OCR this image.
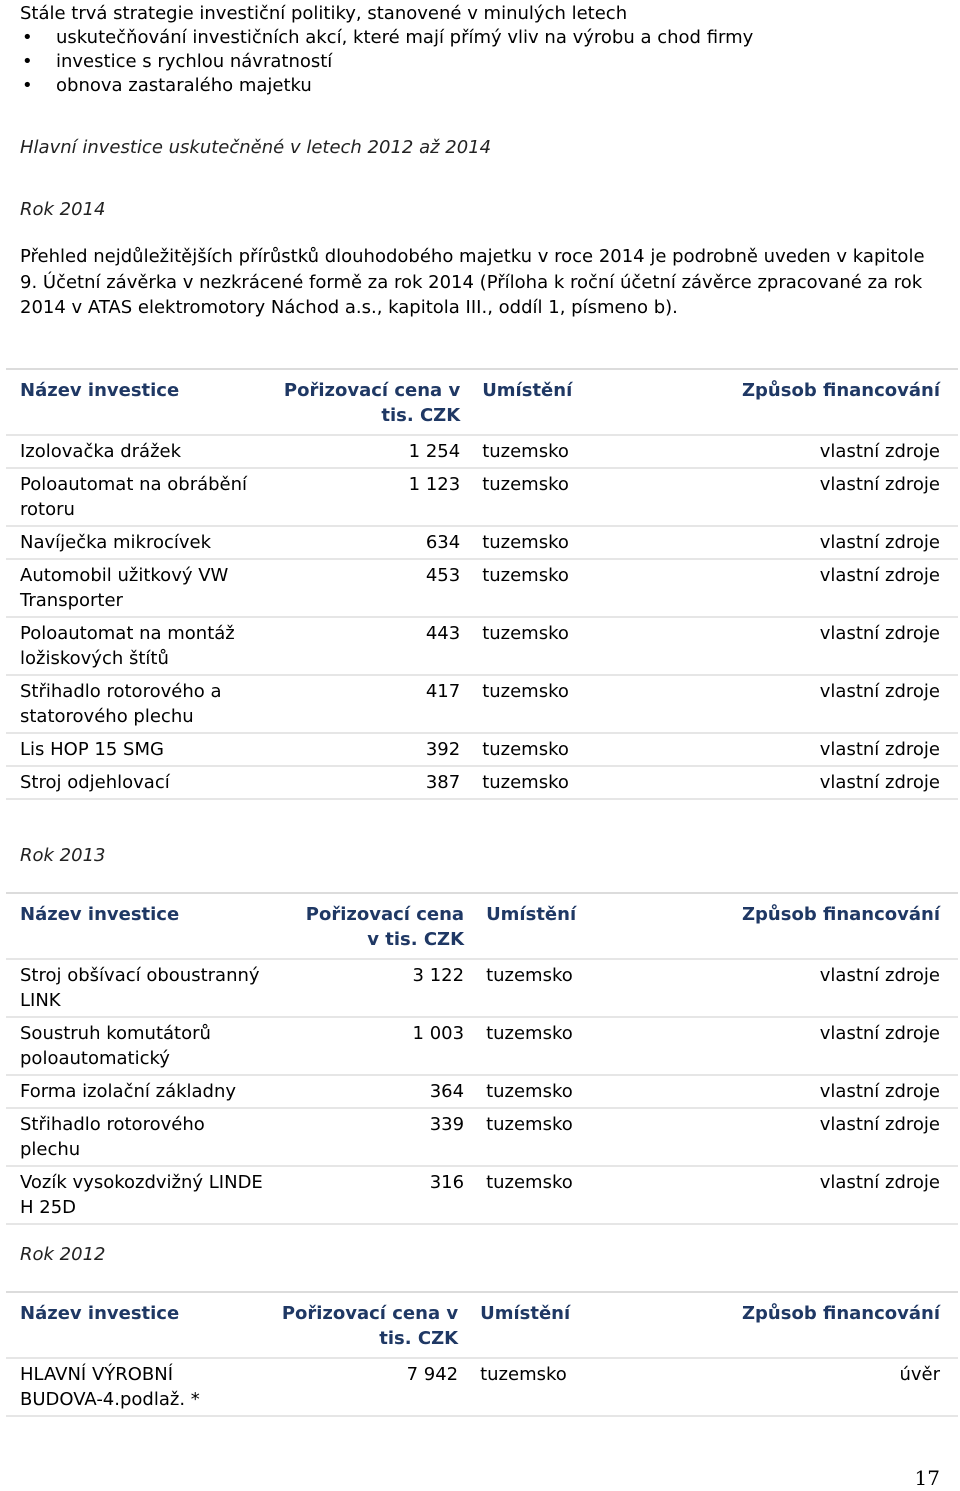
Stále trvá strategie investiční politiky, stanovené v minulých letech

• uskutečňování investičních akcí, které mají přímý vliv na výrobu a chod firmy
• investice s rychlou návratností
• obnova zastaralého majetku

Hlavní investice uskutečněné v letech 2012 až 2014

Rok 2014

Přehled nejdůležitějších přírůstků dlouhodobého majetku v roce 2014 je podrobně uveden v kapitole 9. Účetní závěrka v nezkrácené formě za rok 2014 (Příloha k roční účetní závěrce zpracované za rok 2014 v ATAS elektromotory Náchod a.s., kapitola III., oddíl 1, písmeno b).

Název investice	Pořizovací cena v tis. CZK	Umístění	Způsob financování
Izolovačka drážek	1 254	tuzemsko	vlastní zdroje
Poloautomat na obrábění rotoru	1 123	tuzemsko	vlastní zdroje
Navíječka mikrocívek	634	tuzemsko	vlastní zdroje
Automobil užitkový VW Transporter	453	tuzemsko	vlastní zdroje
Poloautomat na montáž ložiskových štítů	443	tuzemsko	vlastní zdroje
Střihadlo rotorového a statorového plechu	417	tuzemsko	vlastní zdroje
Lis HOP 15 SMG	392	tuzemsko	vlastní zdroje
Stroj odjehlovací	387	tuzemsko	vlastní zdroje
Rok 2013
Název investice	Pořizovací cena v tis. CZK	Umístění	Způsob financování
Stroj obšívací oboustranný LINK	3 122	tuzemsko	vlastní zdroje
Soustruh komutátorů poloautomatický	1 003	tuzemsko	vlastní zdroje
Forma izolační základny	364	tuzemsko	vlastní zdroje
Střihadlo rotorového plechu	339	tuzemsko	vlastní zdroje
Vozík vysokozdvižný LINDE H 25D	316	tuzemsko	vlastní zdroje
Rok 2012
Název investice	Pořizovací cena v tis. CZK	Umístění	Způsob financování
HLAVNÍ VÝROBNÍ BUDOVA-4.podlaž. *	7 942	tuzemsko	úvěr
17
